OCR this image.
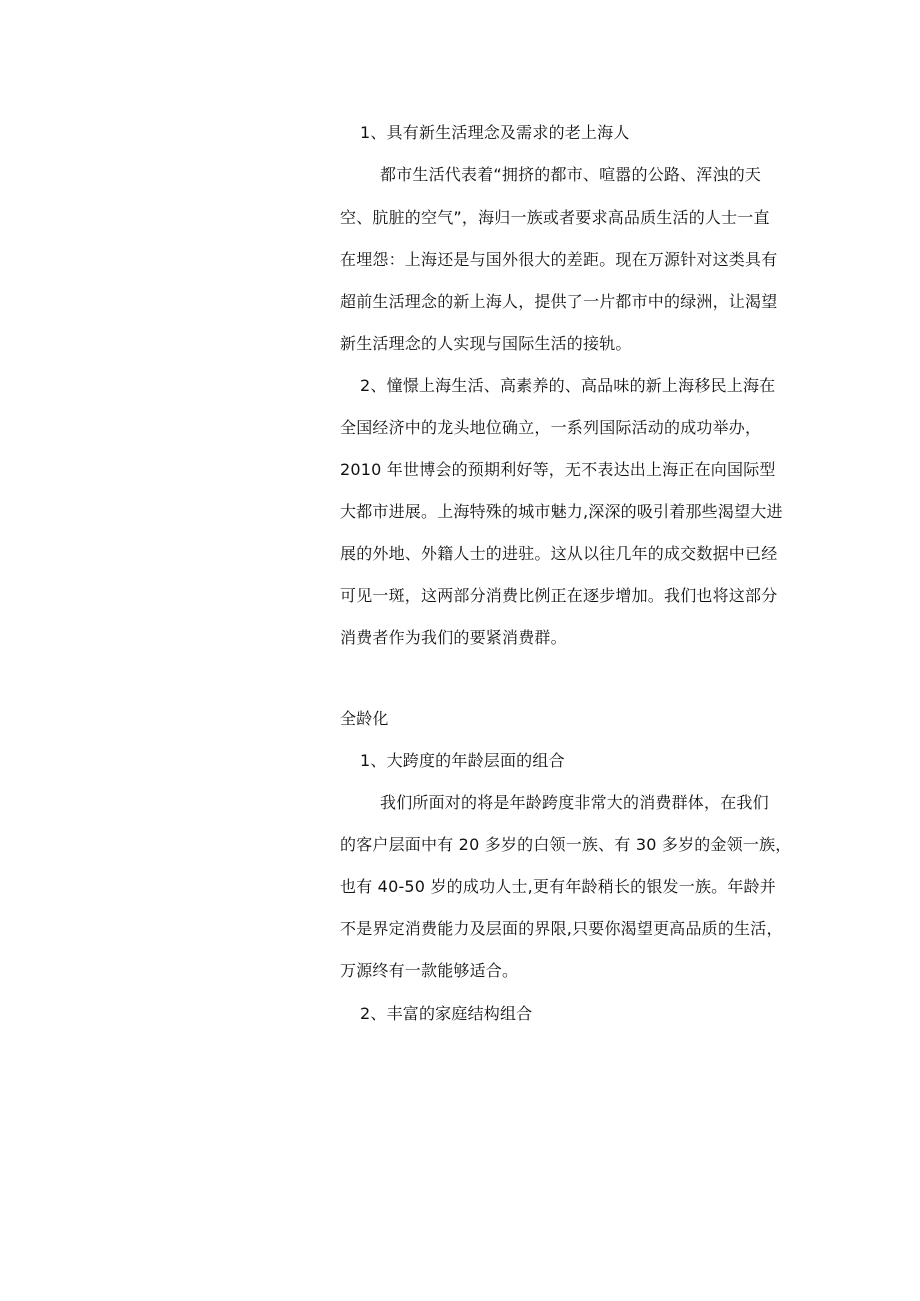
1、具有新生活理念及需求的老上海人
都市生活代表着“拥挤的都市、喧嚣的公路、浑浊的天
空、肮脏的空气”，海归一族或者要求高品质生活的人士一直
在埋怨：上海还是与国外很大的差距。现在万源针对这类具有
超前生活理念的新上海人，提供了一片都市中的绿洲，让渴望
新生活理念的人实现与国际生活的接轨。
2、憧憬上海生活、高素养的、高品味的新上海移民上海在
全国经济中的龙头地位确立，一系列国际活动的成功举办，
2010 年世博会的预期利好等，无不表达出上海正在向国际型
大都市进展。上海特殊的城市魅力,深深的吸引着那些渴望大进
展的外地、外籍人士的进驻。这从以往几年的成交数据中已经
可见一斑，这两部分消费比例正在逐步增加。我们也将这部分
消费者作为我们的要紧消费群。
全龄化
1、大跨度的年龄层面的组合
我们所面对的将是年龄跨度非常大的消费群体，在我们
的客户层面中有 20 多岁的白领一族、有 30 多岁的金领一族，
也有 40-50 岁的成功人士,更有年龄稍长的银发一族。年龄并
不是界定消费能力及层面的界限,只要你渴望更高品质的生活，
万源终有一款能够适合。
2、丰富的家庭结构组合
